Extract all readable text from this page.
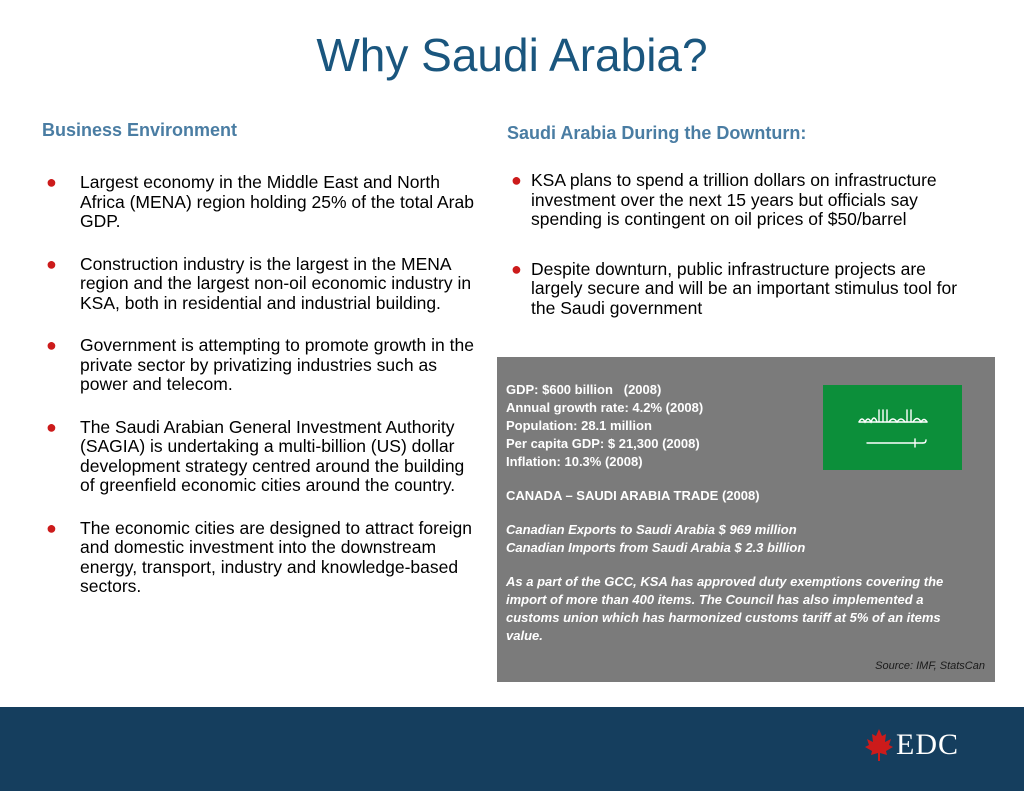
Why Saudi Arabia?
Business Environment
● Largest economy in the Middle East and North Africa (MENA) region holding 25% of the total Arab GDP.
● Construction industry is the largest in the MENA region and the largest non-oil economic industry in KSA, both in residential and industrial building.
● Government is attempting to promote growth in the private sector by privatizing industries such as power and telecom.
● The Saudi Arabian General Investment Authority (SAGIA) is undertaking a multi-billion (US) dollar development strategy centred around the building of greenfield economic cities around the country.
● The economic cities are designed to attract foreign and domestic investment into the downstream energy, transport, industry and knowledge-based sectors.
Saudi Arabia During the Downturn:
● KSA plans to spend a trillion dollars on infrastructure investment over the next 15 years but officials say spending is contingent on oil prices of $50/barrel
● Despite downturn, public infrastructure projects are largely secure and will be an important stimulus tool for the Saudi government
GDP: $600 billion   (2008)
Annual growth rate: 4.2% (2008)
Population: 28.1 million
Per capita GDP: $ 21,300 (2008)
Inflation: 10.3% (2008)
CANADA – SAUDI ARABIA TRADE (2008)
Canadian Exports to Saudi Arabia $ 969 million
Canadian Imports from Saudi Arabia $ 2.3 billion
As a part of the GCC, KSA has approved duty exemptions covering the import of more than 400 items. The Council has also implemented a customs union which has harmonized customs tariff at 5% of an items value.
Source: IMF, StatsCan
EDC
